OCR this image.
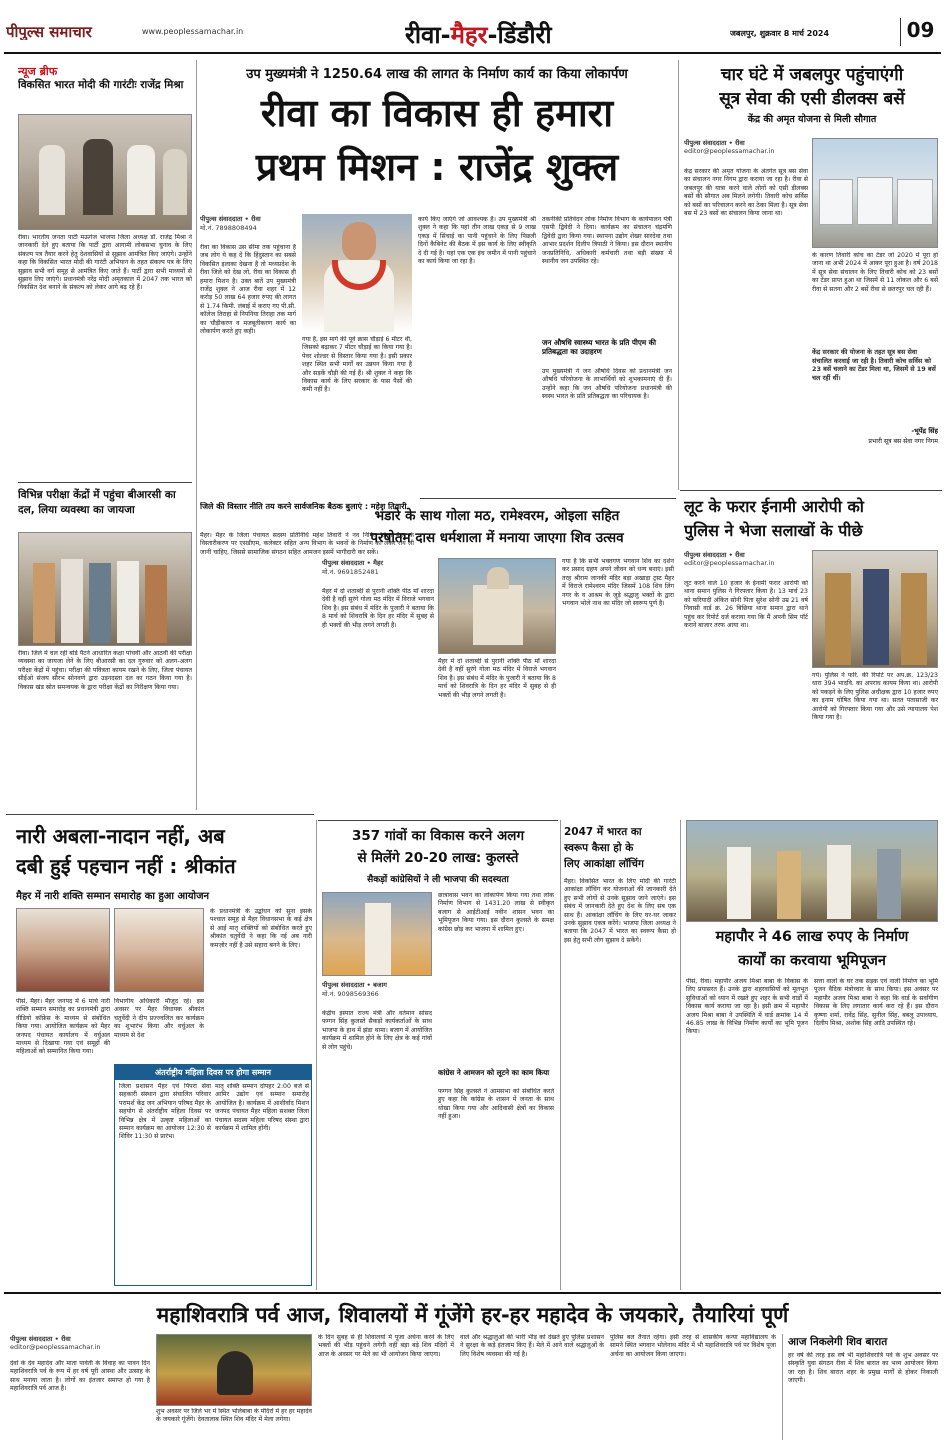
पीपुल्स समाचार	www.peoplessamachar.in	रीवा-मैहर-डिंडौरी	जबलपुर, शुक्रवार 8 मार्च 2024	09
न्यूज ब्रीफ
विकसित भारत मोदी की गारंटीः राजेंद्र मिश्रा
रीवा। भारतीय जनता पार्टी मऊगंज भाजपा जिला अध्यक्ष डॉ. राजेंद्र मिश्रा ने जानकारी देते हुए बताया कि पार्टी द्वारा आगामी लोकसभा चुनाव के लिए संकल्प पत्र तैयार करने हेतु देशवासियों से सुझाव आमंत्रित किए जाएंगे। उन्होंने कहा कि विकसित भारत मोदी की गारंटी अभियान के तहत संकल्प पत्र के लिए सुझाव सभी वर्ग समूह से आमंत्रित किए जाते हैं। पार्टी द्वारा सभी माध्यमों से सुझाव लिए जाएंगे। प्रधानमंत्री नरेंद्र मोदी अमृतकाल में 2047 तक भारत को विकसित देश बनाने के संकल्प को लेकर आगे बढ़ रहे हैं।
विभिन्न परीक्षा केंद्रों में पहुंचा बीआरसी का दल, लिया व्यवस्था का जायजा
रीवा। जिले में चल रही बोर्ड पैटर्न आधारित कक्षा पांचवीं और आठवीं की परीक्षा व्यवस्था का जायजा लेने के लिए बीआरसी का दल गुरुवार को अलग-अलग परीक्षा केंद्रों में पहुंचा। परीक्षा की पवित्रता कायम रखने के लिए, जिला पंचायत सीईओ संजय सौरभ सोनवणे द्वारा उड़नदस्ता दल का गठन किया गया है। विकास खंड स्रोत समन्वयक के द्वारा परीक्षा केंद्रों का निरीक्षण किया गया।
उप मुख्यमंत्री ने 1250.64 लाख की लागत के निर्माण कार्य का किया लोकार्पण
रीवा का विकास ही हमारा
प्रथम मिशन : राजेंद्र शुक्ल
पीपुल्स संवाददाता • रीवा
मो.नं. 7898808494
रीवा का विकास उस सीमा तक पहुंचाना है जब लोग ये कह दें कि हिंदुस्तान का सबसे विकसित इलाका देखना है तो मध्यप्रदेश के रीवा जिले को देख लो, रीवा का विकास ही हमारा मिशन है। उक्त बातें उप मुख्यमंत्री राजेंद्र शुक्ल ने आज रीवा शहर में 12 करोड़ 50 लाख 64 हजार रुपए की लागत से 1.74 किमी. लंबाई में कराए गए पी.सी. कॉलेज तिराहा से निपनिया तिराहा तक मार्ग का चौड़ीकरण व मजबूतीकरण कार्य का लोकार्पण करते हुए कही।
गया है, इस मार्ग की पूर्व क्रास चौड़ाई 6 मीटर थी, जिसको बढ़ाकर 7 मीटर चौड़ाई का किया गया है। पेवर शोल्डर से विस्तार किया गया है। इसी प्रकार शहर स्थित सभी मार्गों का उन्नयन किया गया है और सड़कें चौड़ी की गई हैं। श्री शुक्ल ने कहा कि विकास कार्य के लिए सरकार के पास पैसों की कमी नहीं है।
कार्य किए जाएंगे जो आवश्यक है। उप मुख्यमंत्री श्री शुक्ल ने कहा कि यहां तीन लाख एकड़ से 9 लाख एकड़ में सिंचाई का पानी पहुंचाने के लिए पिछली दिनों कैबिनेट की बैठक में इस कार्य के लिए स्वीकृति दे दी गई है। यहां एक एक इंच जमीन में पानी पहुंचाने का कार्य किया जा रहा है।
तकनीकी प्रतिवेदन लोक निर्माण विभाग के कार्यपालन यंत्री एसपी द्विवेदी ने दिया। कार्यक्रम का संचालन चंद्रमणि द्विवेदी द्वारा किया गया। स्थापना उद्योग शेखर सारदेवा तथा आभार प्रदर्शन दिलीप त्रिपाठी ने किया। इस दौरान स्थानीय जनप्रतिनिधि, अधिकारी कर्मचारी तथा बड़ी संख्या में स्थानीय जन उपस्थित रहे।
जन औषधि स्वास्थ्य भारत के प्रति पीएम की प्रतिबद्धता का उदाहरण
उप मुख्यमंत्री ने जन औषधि दिवस को प्रधानमंत्री जन औषधि परियोजना के लाभार्थियों को शुभकामनाएं दी हैं। उन्होंने कहा कि जन औषधि परियोजना प्रधानमंत्री की स्वस्थ भारत के प्रति प्रतिबद्धता का परिचायक है।
जिले की विस्तार नीति तय करने सार्वजनिक बैठक बुलाएं : महेश तिवारी
मैहर। मैहर के जिला पंचायत सदस्य प्रतिनिधि महेश तिवारी ने नव निर्मित जिला मैहर के विस्तारीकरण पर एसडीएम, कलेक्टर सहित अन्य विभाग के भवनों के निर्माण को लेकर राय ली जानी चाहिए, जिससे सामाजिक संगठन सहित आमजन इसमें भागीदारी कर सकें।
चार घंटे में जबलपुर पहुंचाएंगी
सूत्र सेवा की एसी डीलक्स बसें
केंद्र की अमृत योजना से मिली सौगात
पीपुल्स संवाददाता • रीवा
editor@peoplessamachar.in
केंद्र सरकार की अमृत योजना के अंतर्गत सूत्र बस सेवा का संचालन नगर निगम द्वारा कराया जा रहा है। रीवा से जबलपुर की यात्रा करने वाले लोगों को एसी डीलक्स बसों की सौगात अब मिलने लगेगी। तिवारी कोच सर्विस को बसों का परिचालन करने का ठेका मिला है। सूत्र सेवा बस में 23 बसों का संचालन किया जाना था।
के कारण तिवारी कोच का टेंडर जो 2020 में पूरा हो जाना था अभी 2024 में आकर पूरा हुआ है। वर्ष 2018 में सूत्र सेवा संचालन के लिए तिवारी कोच को 23 बसों का टेंडर प्राप्त हुआ था जिसमें से 11 लोकल और 6 बसें रीवा से सतना और 2 बसें रीवा से छतरपुर चल रही हैं।
केंद्र सरकार की योजना के तहत सूत्र बस सेवा संचालित करवाई जा रही है। तिवारी कोच सर्विस को 23 बसें चलाने का टेंडर मिला था, जिसमें से 19 बसें चल रहीं थीं।
-भूपेंद्र सिंह
प्रभारी सूत्र बस सेवा नगर निगम
भंडारे के साथ गोला मठ, रामेश्वरम, ओइला सहित
परषोतम दास धर्मशाला में मनाया जाएगा शिव उत्सव
पीपुल्स संवाददाता • मैहर
मो.नं. 9691852481
मैहर में दो शताब्दी से पुरानी शक्ति पीठ माँ शारदा देवी है वहीं सुरंगे गोला मठ मंदिर में विराजे भगवान शिव है। इस संबंध में मंदिर के पुजारी ने बताया कि 8 मार्च को शिवरात्रि के दिन हर मंदिर में सुबह से ही भक्तों की भीड़ लगने लगती है।
गया है कि सभी भक्तगण भगवान शिव का दर्शन कर प्रसाद ग्रहण अपने जीवन को धन्य बनाएं। इसी तरह श्रीराम जानकी मंदिर बड़ा अखाड़ा ट्रस्ट मैहर में विराजे रामेश्वरम मंदिर जिसमें 108 शिव लिंग नगर के व आश्रम के जुड़े श्रद्धालु भक्तों के द्वारा भगवान भोले नाथ का मंदिर जो स्वरूप पूर्ण है।
मैहर में दो शताब्दी से पुरानी शक्ति पीठ माँ शारदा देवी है वहीं सुरंगे गोला मठ मंदिर में विराजे भगवान शिव है। इस संबंध में मंदिर के पुजारी ने बताया कि 8 मार्च को शिवरात्रि के दिन हर मंदिर में सुबह से ही भक्तों की भीड़ लगने लगती है।
लूट के फरार ईनामी आरोपी को
पुलिस ने भेजा सलाखों के पीछे
पीपुल्स संवाददाता • रीवा
editor@peoplessamachar.in
लूट करने वाले 10 हजार के ईनामी फरार आरोपी को थाना समान पुलिस ने गिरफ्तार किया है। 13 मार्च 23 को फरियादी अंकित सोनी पिता सुरेश सोनी उम्र 21 वर्ष निवासी वार्ड क्र. 26 बिछिया थाना समान द्वारा थाने पहुंच कर रिपोर्ट दर्ज कराया गया कि मैं अपनी सिम पॉर्ट कराने बाजार तरफ आया था।
गये। पुलिस ने फरि. की रिपोर्ट पर अप.क्र. 123/23 धारा 394 भादवि. का अपराध कायम किया था। आरोपी को पकड़ने के लिए पुलिस अधीक्षक द्वारा 10 हजार रुपए का इनाम घोषित किया गया था। सतत पतासाजी कर आरोपी को गिरफ्तार किया गया और उसे न्यायालय पेश किया गया है।
नारी अबला-नादान नहीं, अब
दबी हुई पहचान नहीं : श्रीकांत
मैहर में नारी शक्ति सम्मान समारोह का हुआ आयोजन
पीसं, मैहर। मैहर जनपद में 6 मार्च नारी शक्ति सम्मान समारोह का प्रधानमंत्री द्वारा वीडियो कॉफ्रेंस के माध्यम से संबोधित किया गया। आयोजित कार्यक्रम को मैहर जनपद पंचायत कार्यालय में वर्चुअल माध्यम से दिखाया गया एवं समूहों की महिलाओं को सम्मानित किया गया।
विभागीय अधिकारी मौजूद रहे। इस अवसर पर मैहर विधायक श्रीकांत चतुर्वेदी ने दीप प्रज्ज्वलित कर कार्यक्रम का शुभारंभ किया और वर्चुअल के माध्यम से देश
के प्रधानमंत्री के उद्बोधन को सुना इसके पश्चात समूह से मैहर विधानसभा के कई क्षेत्र से आई मातृ शक्तियों को संबोधित करते हुए श्रीकांत चतुर्वेदी ने कहा कि नई अब नारी कमज़ोर नहीं है उसे सहारा बनने के लिए।
अंतर्राष्ट्रीय महिला दिवस पर होगा सम्मान
जिला प्रशासन मैहर एवं पिपरा सेवा सहकारी संस्थान द्वारा संचालित परिवार परामर्श केंद्र जन अभियान परिषद मैहर के सहयोग से अंतर्राष्ट्रीय महिला दिवस पर विभिन्न क्षेत्र में उत्कृष्ट महिलाओं का सम्मान कार्यक्रम का आयोजन 12:30 से शिविर 11:30 से प्रारंभ।
मातृ शक्ति सम्मान दोपहर 2:00 बजे से आमिर उद्योग एवं सम्मान समारोह आयोजित है। कार्यक्रम में आशीर्वाद मिशन जनपद पंचायत मैहर महिला सशक्त जिला पंचायत सदस्य महिला परिषद संस्था द्वारा कार्यक्रम में शामिल होंगी।
357 गांवों का विकास करने अलग
से मिलेंगे 20-20 लाख: कुलस्ते
सैकड़ों कांग्रेसियों ने ली भाजपा की सदस्यता
पीपुल्स संवाददाता • बजाग
मो.नं. 9098569366
केंद्रीय इस्पात राज्य मंत्री और वर्तमान सांसद फग्गन सिंह कुलस्ते सैकड़ों कार्यकर्ताओं के साथ भाजपा के हाथ में झंडा थामा। बजाग में आयोजित कार्यक्रम में शामिल होने के लिए क्षेत्र के कई गांवों से लोग पहुंचे।
छात्रावास भवन का लोकार्पण किया गया तथा लोक निर्माण विभाग से 1431.20 लाख से स्वीकृत बजाग से आईटीआई नवीन शासन भवन का भूमिपूजन किया गया। इस दौरान कुलस्ते के समक्ष कांग्रेस छोड़ कर भाजपा में शामिल हुए।
कांग्रेस ने आमजन को लूटने का काम किया
फग्गन सिंह कुलस्ते ने आमसभा को संबोधित करते हुए कहा कि कांग्रेस के शासन में जनता के साथ धोखा किया गया और आदिवासी क्षेत्रों का विकास नहीं हुआ।
2047 में भारत का
स्वरूप कैसा हो के
लिए आकांक्षा लॉचिंग
मैहर। विकसित भारत के लिए मोदी की गारंटी आकांक्षा लॉचिंग कर योजनाओं की जानकारी देते हुए सभी लोगों से उनके सुझाव जाने जाएंगे। इस संबंध में जानकारी देते हुए देश के लिए सब एक साथ हैं। आकांक्षा लॉचिंग के लिए घर-घर जाकर उनके सुझाव एकत्र करेंगे। भाजपा जिला अध्यक्ष ने बताया कि 2047 में भारत का स्वरूप कैसा हो इस हेतु सभी लोग सुझाव दे सकेंगे।	महापौर ने 46 लाख रुपए के निर्माण
कार्यों का करवाया भूमिपूजन
पीसं, रीवा। महापौर अजय मिश्रा बाबा के विकास के लिए प्रयासरत हैं। उनके द्वारा शहरवासियों को मूलभूत सुविधाओं को ध्यान में रखते हुए शहर के सभी वार्डों में विकास कार्य कराया जा रहा है। इसी क्रम में महापौर अजय मिश्रा बाबा ने उपस्थिति में वार्ड क्रमांक 14 में 46.85 लाख के विभिन्न निर्माण कार्यों का भूमि पूजन किया।
सत्ता वालों के घर तक सड़क एवं नाली निर्माण का भूमि पूजन वैदिक मंत्रोच्चार के साथ किया। इस अवसर पर महापौर अजय मिश्रा बाबा ने कहा कि वार्ड के सर्वांगीण विकास के लिए लगातार कार्य करा रहे हैं। इस दौरान कृष्णा शर्मा, रावेंद्र सिंह, सुनील सिंह, बबलू उपाध्याय, दिलीप मिश्रा, अशोक सिंह आदि उपस्थित रहे।
महाशिवरात्रि पर्व आज, शिवालयों में गूंजेंगे हर-हर महादेव के जयकारे, तैयारियां पूर्ण
पीपुल्स संवाददाता • रीवा
editor@peoplessamachar.in
देवों के देव महादेव और माता पार्वती के विवाह का पावन दिन महाशिवरात्रि पर्व के रूप में हर वर्ष पूरी आस्था और उत्साह के साथ मनाया जाता है। लोगों का इंतजार समाप्त हो गया है महाशिवरात्रि पर्व आज है।
शुभ अवसर पर जिले भर में स्थित भोलेबाबा के मंदिरों में हर हर महादेव के जयकारे गूंजेंगे। देवतालाब स्थित शिव मंदिर में मेला लगेगा।
के दिन सुबह से ही शिवालयों में पूजा अर्चना करने के लिए भक्तों की भीड़ पहुंचने लगेगी वहीं बड़ा बड़े शिव मंदिरों में आज के अवसर पर मेले का भी आयोजन किया जाएगा।
वाले और श्रद्धालुओं की भारी भीड़ को देखते हुए पुलिस प्रशासन ने सुरक्षा के कड़े इंतजाम किए हैं। मेले में आने वाले श्रद्धालुओं के लिए विशेष व्यवस्था की गई है।
पुलिस बल तैनात रहेगा। इसी तरह से शासकीय कन्या महाविद्यालय के सामने स्थित भगवान भोलेनाथ मंदिर में भी महाशिवरात्रि पर्व पर विशेष पूजा अर्चना का आयोजन किया जाएगा।
आज निकलेगी शिव बारात
हर वर्ष की तरह इस वर्ष भी महाशिवरात्रि पर्व के शुभ अवसर पर संस्कृति युवा संगठन रीवा में शिव बारात का भव्य आयोजन किया जा रहा है। शिव बारात शहर के प्रमुख मार्गों से होकर निकाली जाएगी।
